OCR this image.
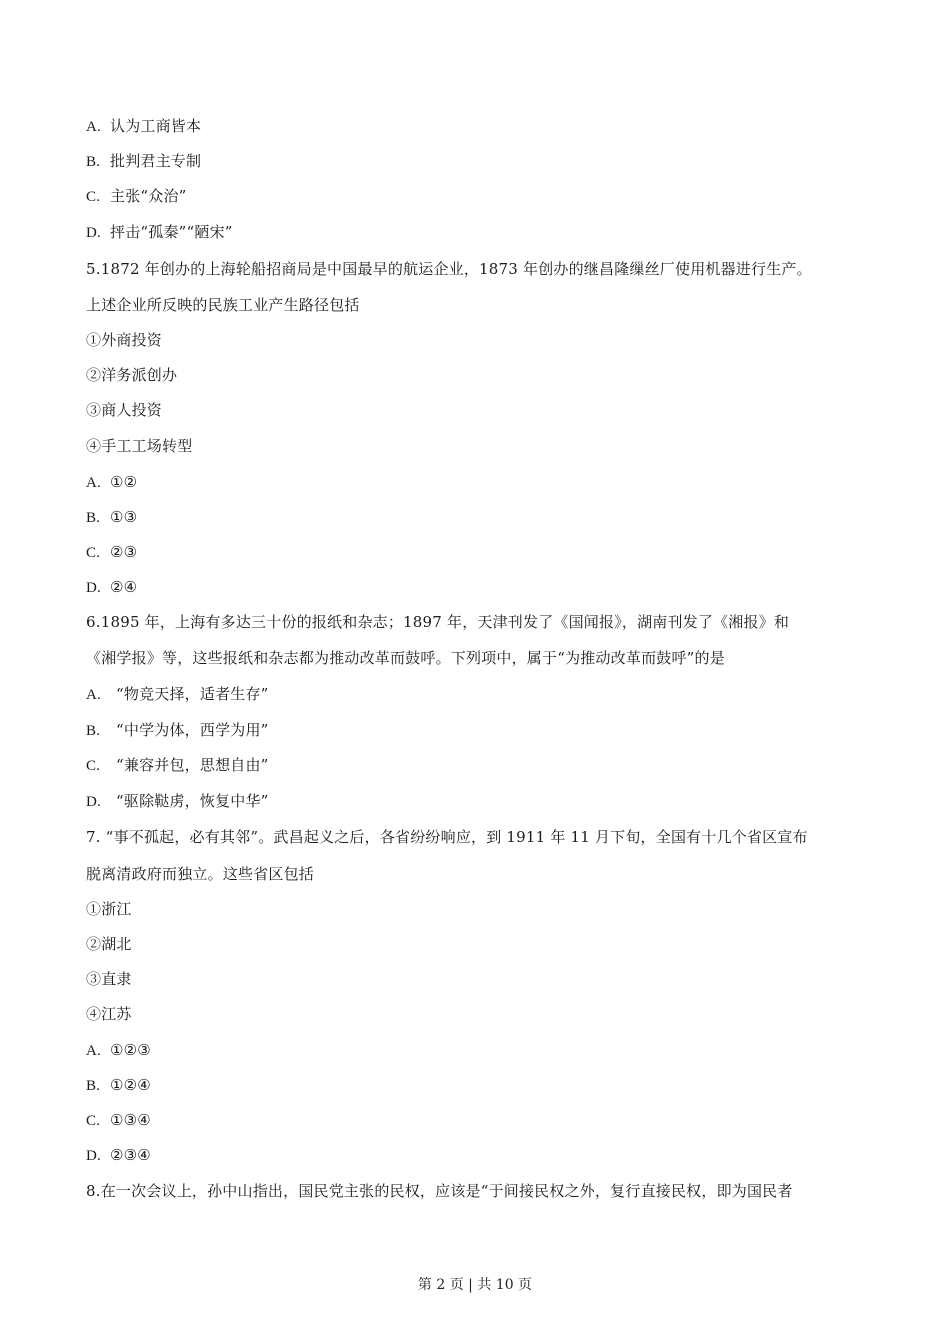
A. 认为工商皆本
B. 批判君主专制
C. 主张“众治”
D. 抨击“孤秦”“陋宋”
5.1872 年创办的上海轮船招商局是中国最早的航运企业，1873 年创办的继昌隆缫丝厂使用机器进行生产。
上述企业所反映的民族工业产生路径包括
①外商投资
②洋务派创办
③商人投资
④手工工场转型
A. ①②
B. ①③
C. ②③
D. ②④
6.1895 年，上海有多达三十份的报纸和杂志；1897 年，天津刊发了《国闻报》，湖南刊发了《湘报》和
《湘学报》等，这些报纸和杂志都为推动改革而鼓呼。下列项中，属于“为推动改革而鼓呼”的是
A. “物竞天择，适者生存”
B. “中学为体，西学为用”
C. “兼容并包，思想自由”
D. “驱除鞑虏，恢复中华”
7. “事不孤起，必有其邻”。武昌起义之后，各省纷纷响应，到 1911 年 11 月下旬，全国有十几个省区宣布
脱离清政府而独立。这些省区包括
①浙江
②湖北
③直隶
④江苏
A. ①②③
B. ①②④
C. ①③④
D. ②③④
8.在一次会议上，孙中山指出，国民党主张的民权，应该是“于间接民权之外，复行直接民权，即为国民者
第 2 页 | 共 10 页
